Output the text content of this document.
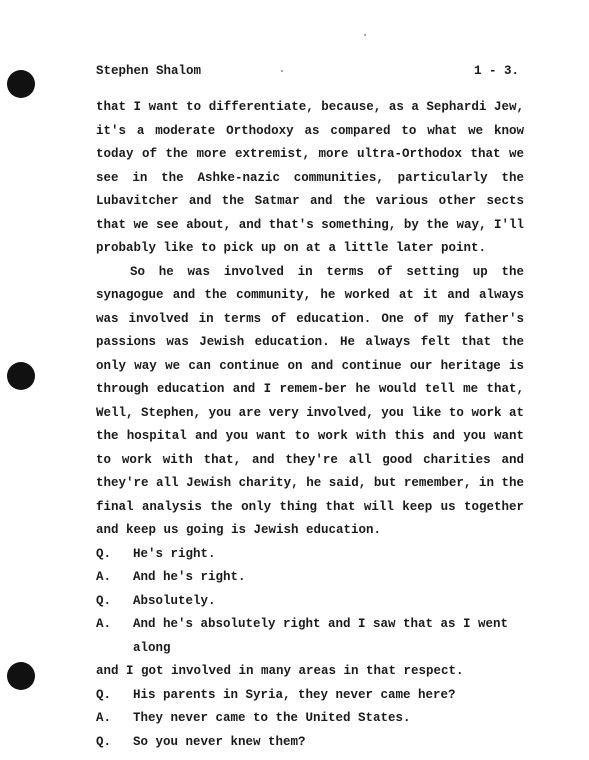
Stephen Shalom	1 - 3.

that I want to differentiate, because, as a Sephardi Jew, it's a moderate Orthodoxy as compared to what we know today of the more extremist, more ultra-Orthodox that we see in the Ashke-nazic communities, particularly the Lubavitcher and the Satmar and the various other sects that we see about, and that's something, by the way, I'll probably like to pick up on at a little later point.

So he was involved in terms of setting up the synagogue and the community, he worked at it and always was involved in terms of education. One of my father's passions was Jewish education. He always felt that the only way we can continue on and continue our heritage is through education and I remem-ber he would tell me that, Well, Stephen, you are very involved, you like to work at the hospital and you want to work with this and you want to work with that, and they're all good charities and they're all Jewish charity, he said, but remember, in the final analysis the only thing that will keep us together and keep us going is Jewish education.

Q.	He's right.
A.	And he's right.
Q.	Absolutely.
A.	And he's absolutely right and I saw that as I went along

and I got involved in many areas in that respect.

Q.	His parents in Syria, they never came here?
A.	They never came to the United States.
Q.	So you never knew them?
